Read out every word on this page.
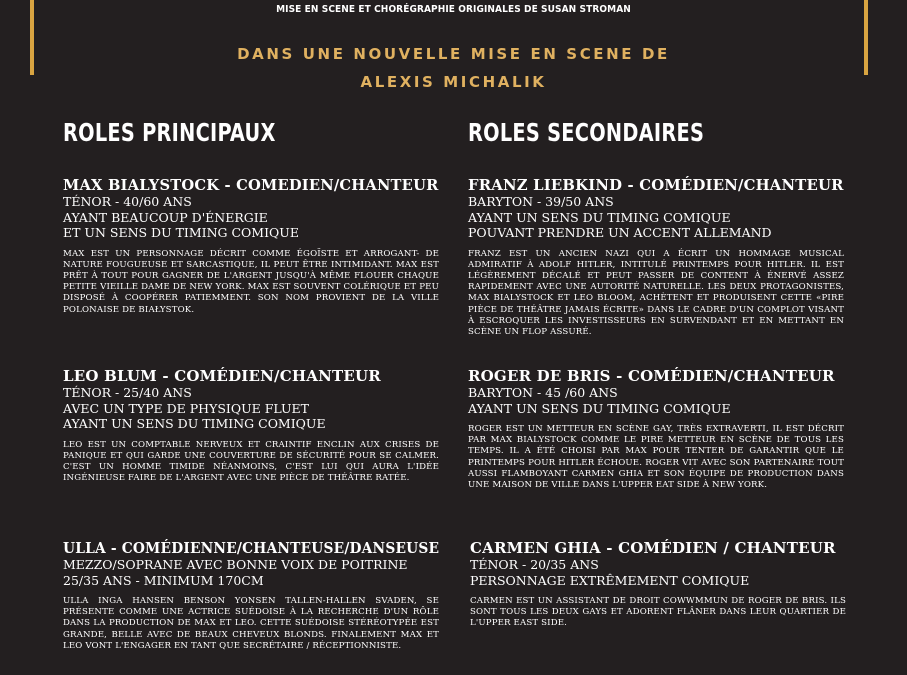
MISE EN SCENE ET CHORÉGRAPHIE ORIGINALES DE SUSAN STROMAN
DANS UNE NOUVELLE MISE EN SCENE DE
ALEXIS MICHALIK
ROLES PRINCIPAUX
MAX BIALYSTOCK - COMEDIEN/CHANTEUR
TÉNOR - 40/60 ANS
AYANT BEAUCOUP D'ÉNERGIE
ET UN SENS DU TIMING COMIQUE
MAX EST UN PERSONNAGE DÉCRIT COMME ÉGOÏSTE ET ARROGANT- DE NATURE FOUGUEUSE ET SARCASTIQUE, IL PEUT ÊTRE INTIMIDANT. MAX EST PRÊT À TOUT POUR GAGNER DE L'ARGENT JUSQU'À MÊME FLOUER CHAQUE PETITE VIEILLE DAME DE NEW YORK. MAX EST SOUVENT COLÉRIQUE ET PEU DISPOSÉ À COOPÉRER PATIEMMENT. SON NOM PROVIENT DE LA VILLE POLONAISE DE BIAŁYSTOK.
LEO BLUM - COMÉDIEN/CHANTEUR
TÉNOR - 25/40 ANS
AVEC UN TYPE DE PHYSIQUE FLUET
AYANT UN SENS DU TIMING COMIQUE
LEO EST UN COMPTABLE NERVEUX ET CRAINTIF ENCLIN AUX CRISES DE PANIQUE ET QUI GARDE UNE COUVERTURE DE SÉCURITÉ POUR SE CALMER. C'EST UN HOMME TIMIDE NÉANMOINS, C'EST LUI QUI AURA L'IDÉE INGÉNIEUSE FAIRE DE L'ARGENT AVEC UNE PIÈCE DE THÉÂTRE RATÉE.
ULLA - COMÉDIENNE/CHANTEUSE/DANSEUSE
MEZZO/SOPRANE AVEC BONNE VOIX DE POITRINE
25/35 ANS - MINIMUM 170CM
ULLA INGA HANSEN BENSON YONSEN TALLEN-HALLEN SVADEN, SE PRÉSENTE COMME UNE ACTRICE SUÉDOISE À LA RECHERCHE D'UN RÔLE DANS LA PRODUCTION DE MAX ET LEO. CETTE SUÉDOISE STÉRÉOTYPÉE EST GRANDE, BELLE AVEC DE BEAUX CHEVEUX BLONDS. FINALEMENT MAX ET LEO VONT L'ENGAGER EN TANT QUE SECRÉTAIRE / RÉCEPTIONNISTE.
ROLES SECONDAIRES
FRANZ LIEBKIND - COMÉDIEN/CHANTEUR
BARYTON - 39/50 ANS
AYANT UN SENS DU TIMING COMIQUE
POUVANT PRENDRE UN ACCENT ALLEMAND
FRANZ EST UN ANCIEN NAZI QUI A ÉCRIT UN HOMMAGE MUSICAL ADMIRATIF À ADOLF HITLER, INTITULÉ PRINTEMPS POUR HITLER. IL EST LÉGÈREMENT DÉCALÉ ET PEUT PASSER DE CONTENT À ÉNERVÉ ASSEZ RAPIDEMENT AVEC UNE AUTORITÉ NATURELLE. LES DEUX PROTAGONISTES, MAX BIALYSTOCK ET LEO BLOOM, ACHÈTENT ET PRODUISENT CETTE «PIRE PIÈCE DE THÉÂTRE JAMAIS ÉCRITE» DANS LE CADRE D'UN COMPLOT VISANT À ESCROQUER LES INVESTISSEURS EN SURVENDANT ET EN METTANT EN SCÈNE UN FLOP ASSURÉ.
ROGER DE BRIS - COMÉDIEN/CHANTEUR
BARYTON - 45 /60 ANS
AYANT UN SENS DU TIMING COMIQUE
ROGER EST UN METTEUR EN SCÈNE GAY, TRÈS EXTRAVERTI, IL EST DÉCRIT PAR MAX BIALYSTOCK COMME LE PIRE METTEUR EN SCÈNE DE TOUS LES TEMPS. IL A ÉTÉ CHOISI PAR MAX POUR TENTER DE GARANTIR QUE LE PRINTEMPS POUR HITLER ÉCHOUE. ROGER VIT AVEC SON PARTENAIRE TOUT AUSSI FLAMBOYANT CARMEN GHIA ET SON ÉQUIPE DE PRODUCTION DANS UNE MAISON DE VILLE DANS L'UPPER EAT SIDE À NEW YORK.
CARMEN GHIA - COMÉDIEN / CHANTEUR
TÉNOR - 20/35 ANS
PERSONNAGE EXTRÊMEMENT COMIQUE
CARMEN EST UN ASSISTANT DE DROIT COWWMMUN DE ROGER DE BRIS. ILS SONT TOUS LES DEUX GAYS ET ADORENT FLÂNER DANS LEUR QUARTIER DE L'UPPER EAST SIDE.
